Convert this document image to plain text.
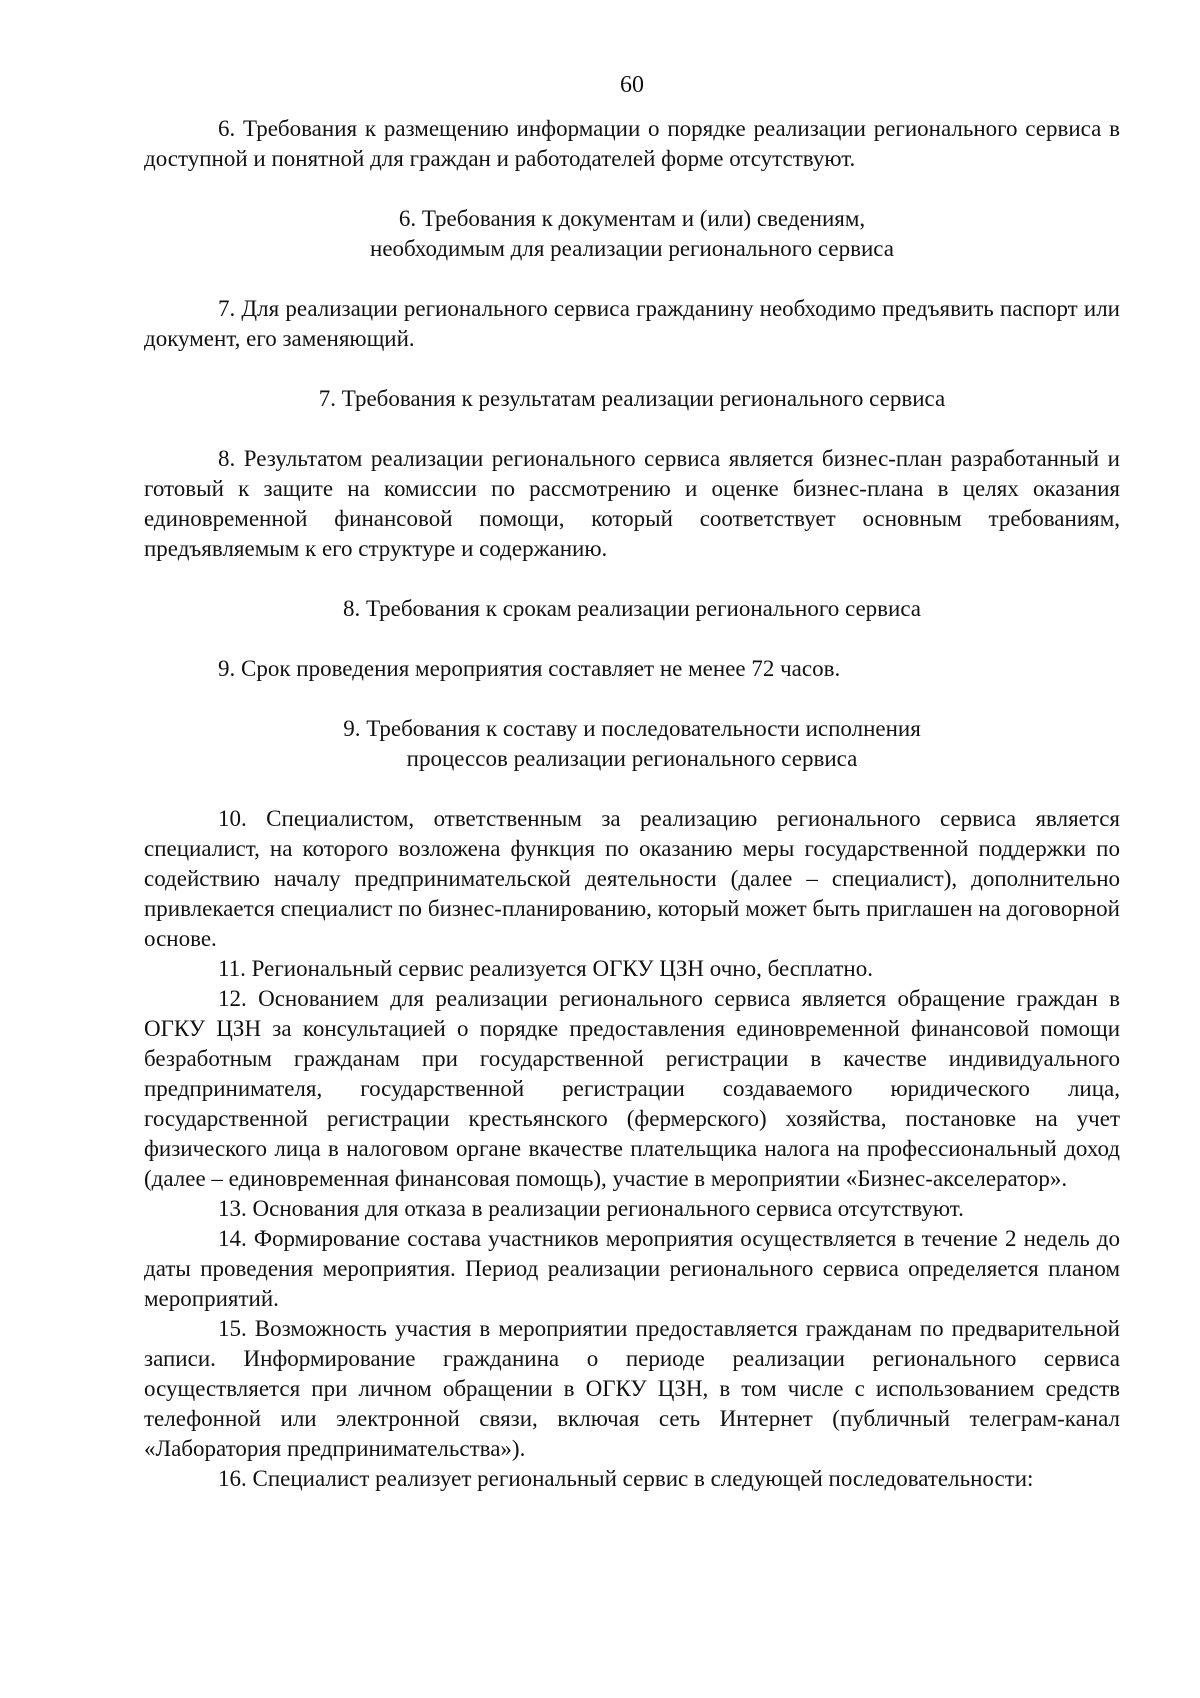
60

6. Требования к размещению информации о порядке реализации регионального сервиса в доступной и понятной для граждан и работодателей форме отсутствуют.

6. Требования к документам и (или) сведениям,
необходимым для реализации регионального сервиса

7. Для реализации регионального сервиса гражданину необходимо предъявить паспорт или документ, его заменяющий.

7. Требования к результатам реализации регионального сервиса

8. Результатом реализации регионального сервиса является бизнес-план разработанный и готовый к защите на комиссии по рассмотрению и оценке бизнес-плана в целях оказания единовременной финансовой помощи, который соответствует основным требованиям, предъявляемым к его структуре и содержанию.

8. Требования к срокам реализации регионального сервиса

9. Срок проведения мероприятия составляет не менее 72 часов.

9. Требования к составу и последовательности исполнения
процессов реализации регионального сервиса

10. Специалистом, ответственным за реализацию регионального сервиса является специалист, на которого возложена функция по оказанию меры государственной поддержки по содействию началу предпринимательской деятельности (далее – специалист), дополнительно привлекается специалист по бизнес-планированию, который может быть приглашен на договорной основе.

11. Региональный сервис реализуется ОГКУ ЦЗН очно, бесплатно.

12. Основанием для реализации регионального сервиса является обращение граждан в ОГКУ ЦЗН за консультацией о порядке предоставления единовременной финансовой помощи безработным гражданам при государственной регистрации в качестве индивидуального предпринимателя, государственной регистрации создаваемого юридического лица, государственной регистрации крестьянского (фермерского) хозяйства, постановке на учет физического лица в налоговом органе вкачестве плательщика налога на профессиональный доход (далее – единовременная финансовая помощь), участие в мероприятии «Бизнес-акселератор».

13. Основания для отказа в реализации регионального сервиса отсутствуют.

14. Формирование состава участников мероприятия осуществляется в течение 2 недель до даты проведения мероприятия. Период реализации регионального сервиса определяется планом мероприятий.

15. Возможность участия в мероприятии предоставляется гражданам по предварительной записи. Информирование гражданина о периоде реализации регионального сервиса осуществляется при личном обращении в ОГКУ ЦЗН, в том числе с использованием средств телефонной или электронной связи, включая сеть Интернет (публичный телеграм-канал «Лаборатория предпринимательства»).

16. Специалист реализует региональный сервис в следующей последовательности:
